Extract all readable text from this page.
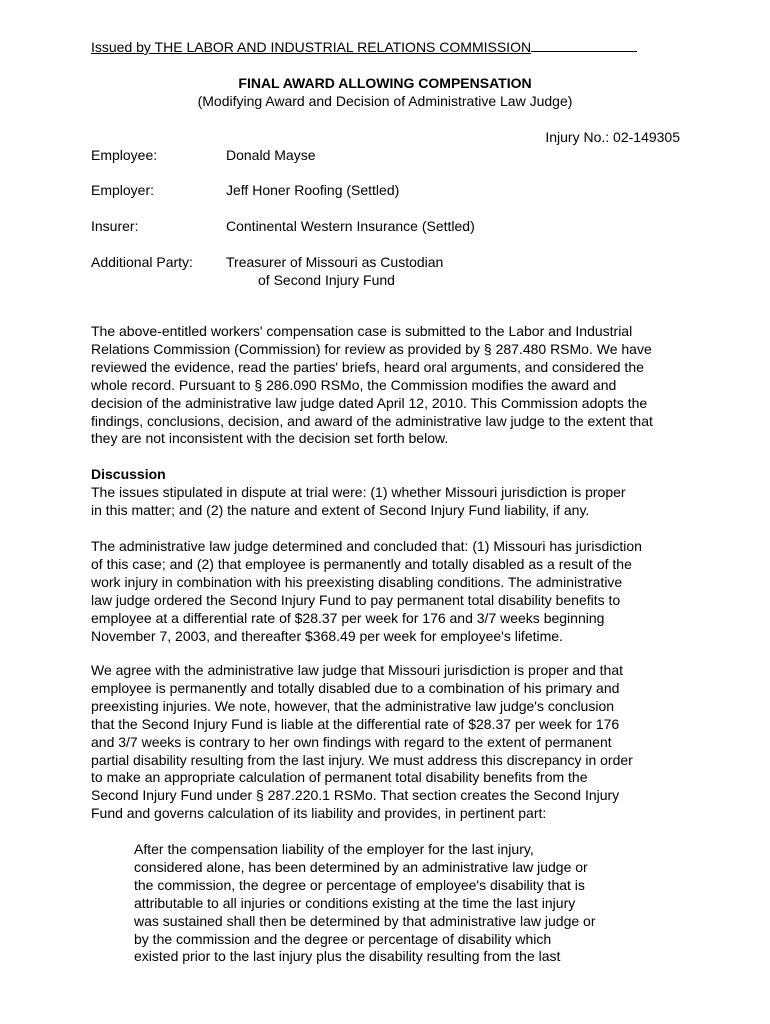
Issued by THE LABOR AND INDUSTRIAL RELATIONS COMMISSION
FINAL AWARD ALLOWING COMPENSATION
(Modifying Award and Decision of Administrative Law Judge)
Injury No.: 02-149305
Employee:	Donald Mayse
Employer:	Jeff Honer Roofing (Settled)
Insurer:	Continental Western Insurance (Settled)
Additional Party: Treasurer of Missouri as Custodian
of Second Injury Fund
The above-entitled workers' compensation case is submitted to the Labor and Industrial
Relations Commission (Commission) for review as provided by § 287.480 RSMo. We have
reviewed the evidence, read the parties' briefs, heard oral arguments, and considered the
whole record. Pursuant to § 286.090 RSMo, the Commission modifies the award and
decision of the administrative law judge dated April 12, 2010. This Commission adopts the
findings, conclusions, decision, and award of the administrative law judge to the extent that
they are not inconsistent with the decision set forth below.
Discussion
The issues stipulated in dispute at trial were: (1) whether Missouri jurisdiction is proper
in this matter; and (2) the nature and extent of Second Injury Fund liability, if any.
The administrative law judge determined and concluded that: (1) Missouri has jurisdiction
of this case; and (2) that employee is permanently and totally disabled as a result of the
work injury in combination with his preexisting disabling conditions. The administrative
law judge ordered the Second Injury Fund to pay permanent total disability benefits to
employee at a differential rate of $28.37 per week for 176 and 3/7 weeks beginning
November 7, 2003, and thereafter $368.49 per week for employee's lifetime.
We agree with the administrative law judge that Missouri jurisdiction is proper and that
employee is permanently and totally disabled due to a combination of his primary and
preexisting injuries. We note, however, that the administrative law judge's conclusion
that the Second Injury Fund is liable at the differential rate of $28.37 per week for 176
and 3/7 weeks is contrary to her own findings with regard to the extent of permanent
partial disability resulting from the last injury. We must address this discrepancy in order
to make an appropriate calculation of permanent total disability benefits from the
Second Injury Fund under § 287.220.1 RSMo. That section creates the Second Injury
Fund and governs calculation of its liability and provides, in pertinent part:
After the compensation liability of the employer for the last injury,
considered alone, has been determined by an administrative law judge or
the commission, the degree or percentage of employee's disability that is
attributable to all injuries or conditions existing at the time the last injury
was sustained shall then be determined by that administrative law judge or
by the commission and the degree or percentage of disability which
existed prior to the last injury plus the disability resulting from the last
